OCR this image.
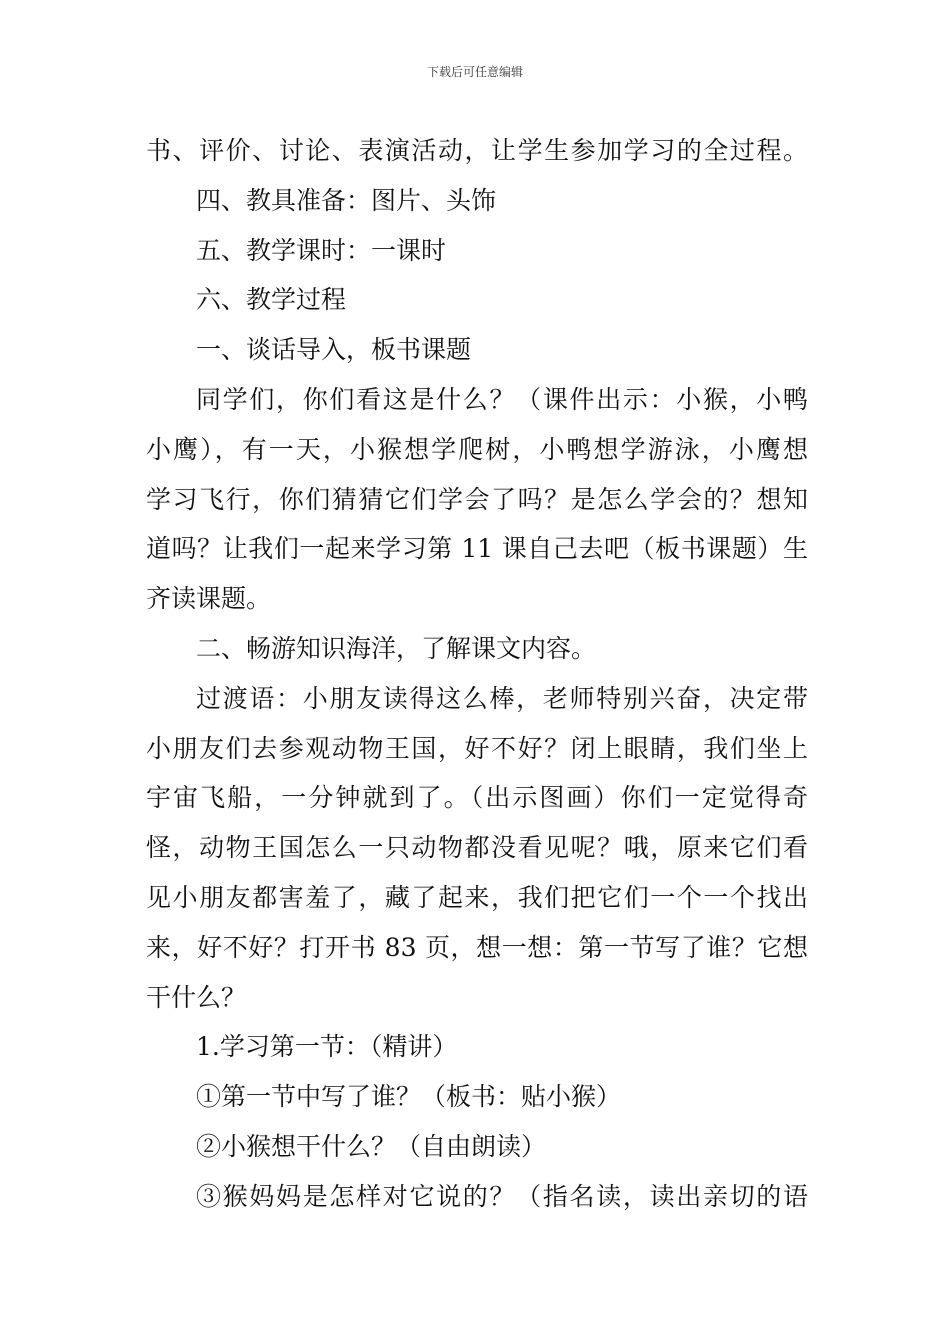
下载后可任意编辑
书、评价、讨论、表演活动，让学生参加学习的全过程。
四、教具准备：图片、头饰
五、教学课时：一课时
六、教学过程
一、谈话导入，板书课题
同学们，你们看这是什么？（课件出示：小猴，小鸭
小鹰），有一天，小猴想学爬树，小鸭想学游泳，小鹰想
学习飞行，你们猜猜它们学会了吗？是怎么学会的？想知
道吗？让我们一起来学习第 11 课自己去吧（板书课题）生
齐读课题。
二、畅游知识海洋，了解课文内容。
过渡语：小朋友读得这么棒，老师特别兴奋，决定带
小朋友们去参观动物王国，好不好？闭上眼睛，我们坐上
宇宙飞船，一分钟就到了。（出示图画）你们一定觉得奇
怪，动物王国怎么一只动物都没看见呢？哦，原来它们看
见小朋友都害羞了，藏了起来，我们把它们一个一个找出
来，好不好？打开书 83 页，想一想：第一节写了谁？它想
干什么？
1.学习第一节：（精讲）
①第一节中写了谁？（板书：贴小猴）
②小猴想干什么？（自由朗读）
③猴妈妈是怎样对它说的？（指名读，读出亲切的语
